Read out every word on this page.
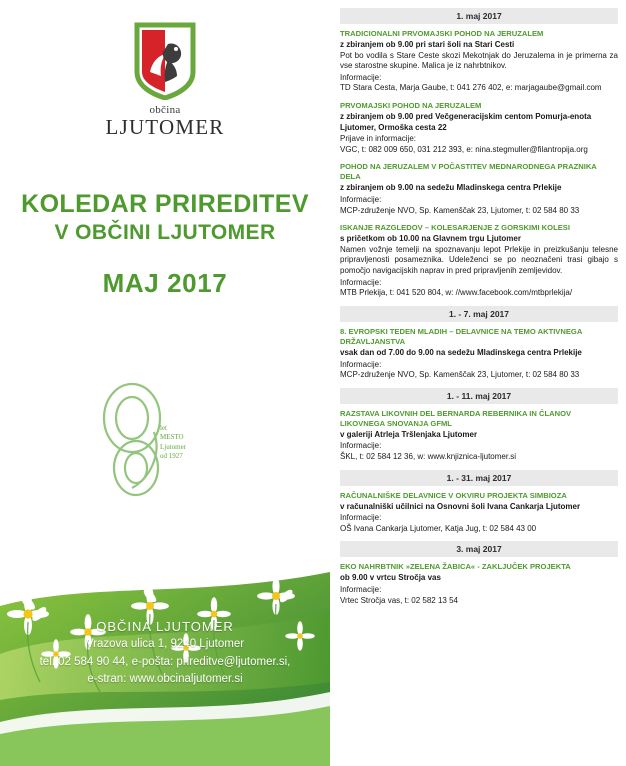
občina
LJUTOMER
KOLEDAR PRIREDITEV
V OBČINI LJUTOMER
MAJ 2017
let
MESTO
Ljutomer
od 1927
OBČINA LJUTOMER
Vrazova ulica 1, 9240 Ljutomer
tel. 02 584 90 44, e-pošta: prireditve@ljutomer.si,
e-stran: www.obcinaljutomer.si
1. maj 2017
TRADICIONALNI PRVOMAJSKI POHOD NA JERUZALEM
z zbiranjem ob 9.00 pri stari šoli na Stari Cesti
Pot bo vodila s Stare Ceste skozi Mekotnjak do Jeruzalema in je primerna za vse starostne skupine. Malica je iz nahrbtnikov.
Informacije:
TD Stara Cesta, Marja Gaube, t: 041 276 402, e: marjagaube@gmail.com
PRVOMAJSKI POHOD NA JERUZALEM
z zbiranjem ob 9.00 pred Večgeneracijskim centom Pomurja-enota Ljutomer, Ormoška cesta 22
Prijave in informacije:
VGC, t: 082 009 650, 031 212 393, e: nina.stegmuller@filantropija.org
POHOD NA JERUZALEM V POČASTITEV MEDNARODNEGA PRAZNIKA DELA
z zbiranjem ob 9.00 na sedežu Mladinskega centra Prlekije
Informacije:
MCP-združenje NVO, Sp. Kamenščak 23, Ljutomer, t: 02 584 80 33
ISKANJE RAZGLEDOV – KOLESARJENJE Z GORSKIMI KOLESI
s pričetkom ob 10.00 na Glavnem trgu Ljutomer
Namen vožnje temelji na spoznavanju lepot Prlekije in preizkušanju telesne pripravljenosti posameznika. Udeleženci se po neoznačeni trasi gibajo s pomočjo navigacijskih naprav in pred pripravljenih zemljevidov.
Informacije:
MTB Prlekija, t: 041 520 804, w: //www.facebook.com/mtbprlekija/
1. - 7. maj 2017
8. EVROPSKI TEDEN MLADIH – DELAVNICE NA TEMO AKTIVNEGA DRŽAVLJANSTVA
vsak dan od 7.00 do 9.00 na sedežu Mladinskega centra Prlekije
Informacije:
MCP-združenje NVO, Sp. Kamenščak 23, Ljutomer, t: 02 584 80 33
1. - 11. maj 2017
RAZSTAVA LIKOVNIH DEL BERNARDA REBERNIKA IN ČLANOV LIKOVNEGA SNOVANJA GFML
v galeriji Atrleja Tršlenjaka Ljutomer
Informacije:
ŠKL, t: 02 584 12 36, w: www.knjiznica-ljutomer.si
1. - 31. maj 2017
RAČUNALNIŠKE DELAVNICE V OKVIRU PROJEKTA SIMBIOZA
v računalniški učilnici na Osnovni šoli Ivana Cankarja Ljutomer
Informacije:
OŠ Ivana Cankarja Ljutomer, Katja Jug, t: 02 584 43 00
3. maj 2017
EKO NAHRBTNIK »ZELENA ŽABICA« - ZAKLJUČEK PROJEKTA
ob 9.00 v vrtcu Stročja vas
Informacije:
Vrtec Stročja vas, t: 02 582 13 54
